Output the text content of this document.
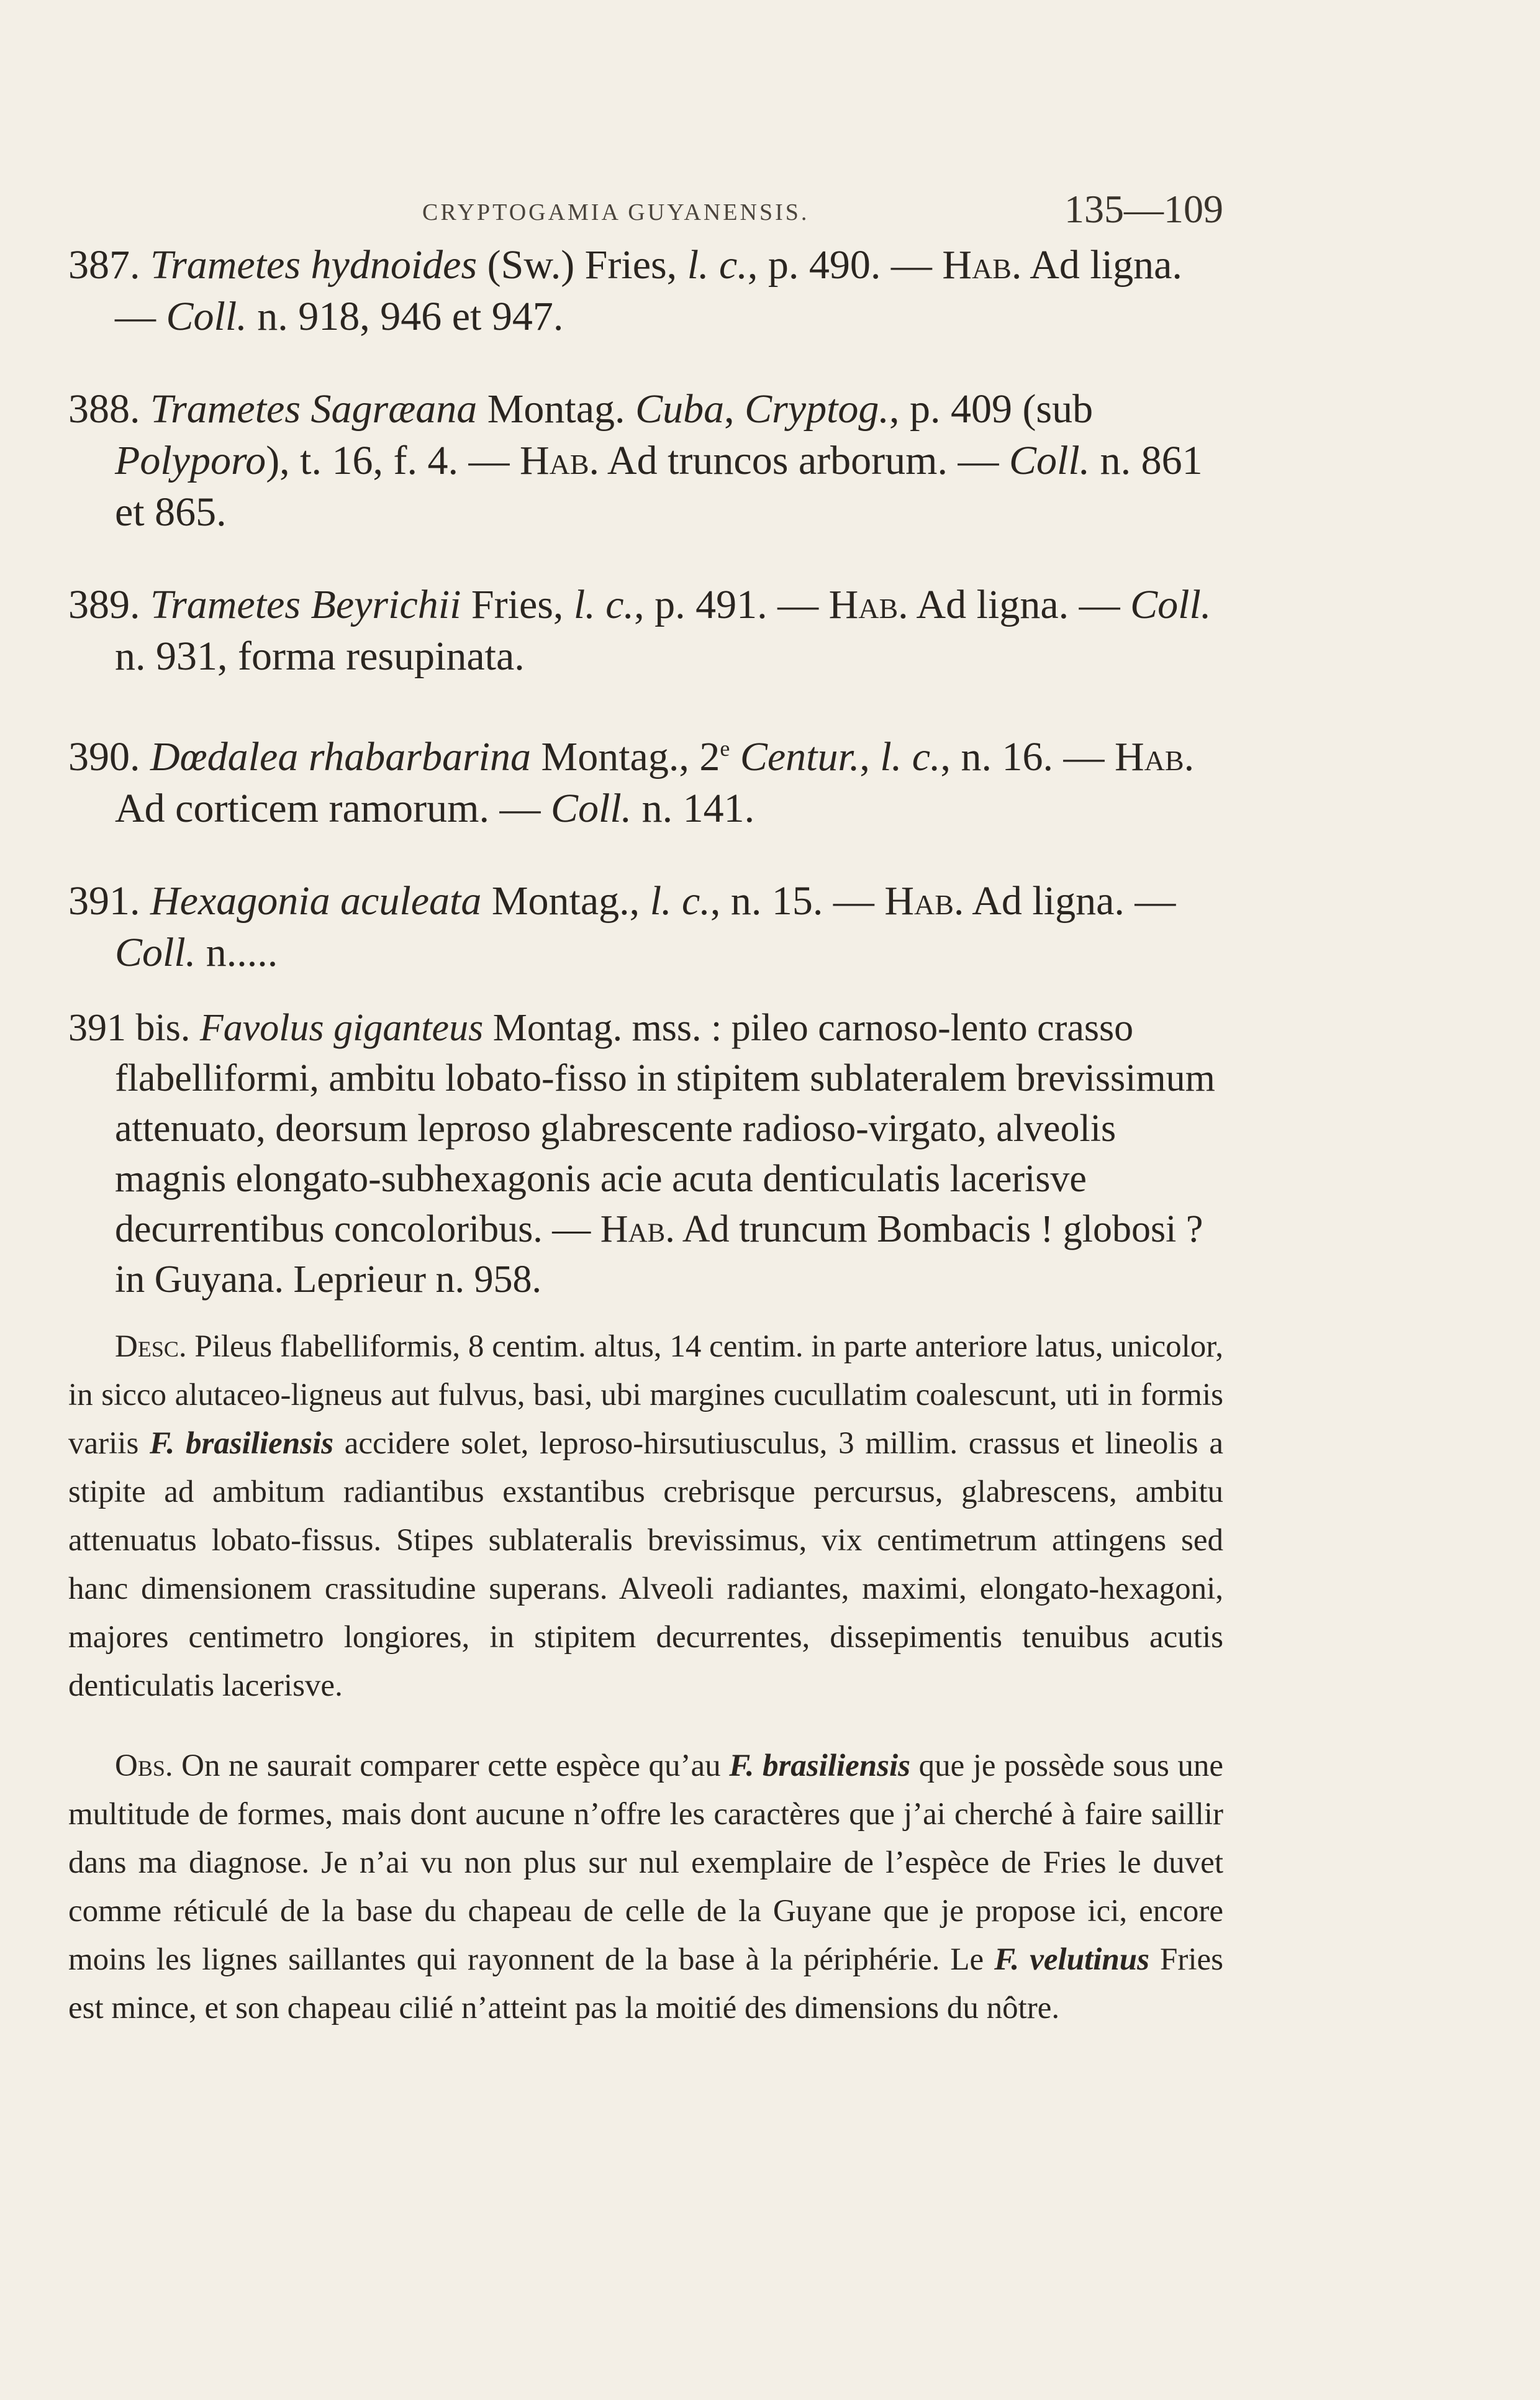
CRYPTOGAMIA GUYANENSIS.	135—109

387. Trametes hydnoides (Sw.) Fries, l. c., p. 490. — Hab. Ad ligna. — Coll. n. 918, 946 et 947.

388. Trametes Sagræana Montag. Cuba, Cryptog., p. 409 (sub Polyporo), t. 16, f. 4. — Hab. Ad truncos arborum. — Coll. n. 861 et 865.

389. Trametes Beyrichii Fries, l. c., p. 491. — Hab. Ad ligna. — Coll. n. 931, forma resupinata.

390. Dœdalea rhabarbarina Montag., 2e Centur., l. c., n. 16. — Hab. Ad corticem ramorum. — Coll. n. 141.

391. Hexagonia aculeata Montag., l. c., n. 15. — Hab. Ad ligna. — Coll. n.....

391 bis. Favolus giganteus Montag. mss. : pileo carnoso-lento crasso flabelliformi, ambitu lobato-fisso in stipitem sublateralem brevissimum attenuato, deorsum leproso glabrescente radioso-virgato, alveolis magnis elongato-subhexagonis acie acuta denticulatis lacerisve decurrentibus concoloribus. — Hab. Ad truncum Bombacis ! globosi ? in Guyana. Leprieur n. 958.

Desc. Pileus flabelliformis, 8 centim. altus, 14 centim. in parte anteriore latus, unicolor, in sicco alutaceo-ligneus aut fulvus, basi, ubi margines cucullatim coalescunt, uti in formis variis F. brasiliensis accidere solet, leproso-hirsutiusculus, 3 millim. crassus et lineolis a stipite ad ambitum radiantibus exstantibus crebrisque percursus, glabrescens, ambitu attenuatus lobato-fissus. Stipes sublateralis brevissimus, vix centimetrum attingens sed hanc dimensionem crassitudine superans. Alveoli radiantes, maximi, elongato-hexagoni, majores centimetro longiores, in stipitem decurrentes, dissepimentis tenuibus acutis denticulatis lacerisve.

Obs. On ne saurait comparer cette espèce qu’au F. brasiliensis que je possède sous une multitude de formes, mais dont aucune n’offre les caractères que j’ai cherché à faire saillir dans ma diagnose. Je n’ai vu non plus sur nul exemplaire de l’espèce de Fries le duvet comme réticulé de la base du chapeau de celle de la Guyane que je propose ici, encore moins les lignes saillantes qui rayonnent de la base à la périphérie. Le F. velutinus Fries est mince, et son chapeau cilié n’atteint pas la moitié des dimensions du nôtre.
